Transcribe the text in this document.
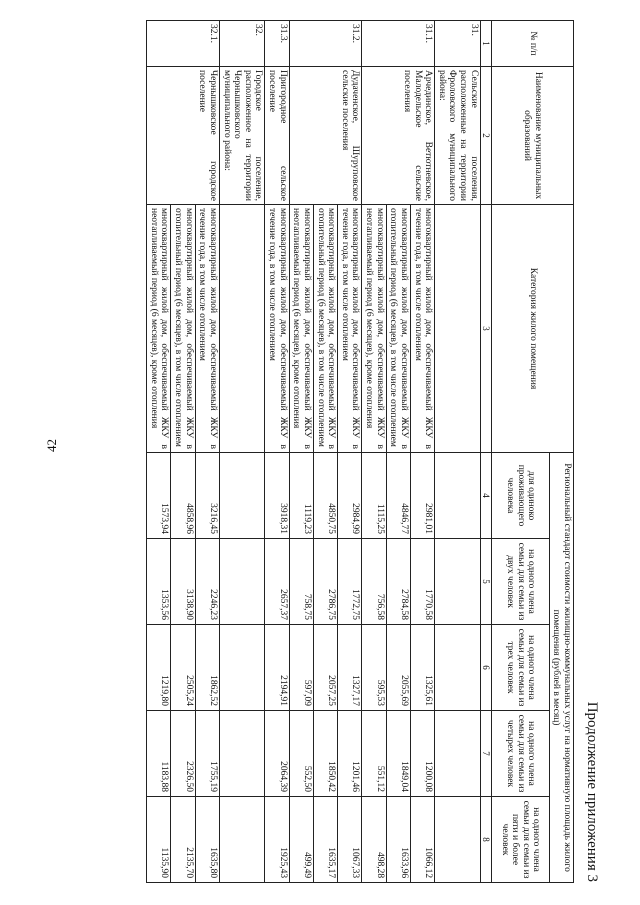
42
Продолжение приложения 3
№ п/п	Наименование муниципальных образований	Категория жилого помещения	Региональный стандарт стоимости жилищно-коммунальных услуг на нормативную площадь жилого помещения (рублей в месяц)				
			для одиноко проживающего человека	на одного члена семьи для семьи из двух человек	на одного члена семьи для семьи из трех человек	на одного члена семьи для семьи из четырех человек	на одного члена семьи для семьи из пяти и более человек
1	2	3	4	5	6	7	8
31.	Сельские поселения, расположенные на территории Фроловского муниципального района:						
31.1.	Арчединское, Ветютневское, Малодельское сельские поселения	многоквартирный жилой дом, обеспечиваемый ЖКУ в течение года, в том числе отоплением	2981,01	1770,58	1325,61	1200,08	1066,12
		многоквартирный жилой дом, обеспечиваемый ЖКУ в отопительный период (6 месяцев), в том числе отоплением	4846,77	2784,58	2055,69	1849,04	1633,96
		многоквартирный жилой дом, обеспечиваемый ЖКУ в неотапливаемый период (6 месяцев), кроме отопления	1115,25	756,58	595,53	551,12	498,28
31.2.	Дудаченское, Шуруповское сельские поселения	многоквартирный жилой дом, обеспечиваемый ЖКУ в течение года, в том числе отоплением	2984,99	1772,75	1327,17	1201,46	1067,33
		многоквартирный жилой дом, обеспечиваемый ЖКУ в отопительный период (6 месяцев), в том числе отоплением	4850,75	2786,75	2057,25	1850,42	1635,17
		многоквартирный жилой дом, обеспечиваемый ЖКУ в неотапливаемый период (6 месяцев), кроме отопления	1119,23	758,75	597,09	552,50	499,49
31.3.	Пригородное сельское поселение	многоквартирный жилой дом, обеспечиваемый ЖКУ в течение года, в том числе отоплением	3918,31	2657,37	2194,91	2064,39	1925,43
32.	Городское поселение, расположенное на территории Чернышковского муниципального района:						
32.1.	Чернышковское городское поселение	многоквартирный жилой дом, обеспечиваемый ЖКУ в течение года, в том числе отоплением	3216,45	2246,23	1862,52	1755,19	1635,80
		многоквартирный жилой дом, обеспечиваемый ЖКУ в отопительный период (6 месяцев), в том числе отоплением	4858,96	3138,90	2505,24	2326,50	2135,70
		многоквартирный жилой дом, обеспечиваемый ЖКУ в неотапливаемый период (6 месяцев), кроме отопления	1573,94	1353,56	1219,80	1183,88	1135,90
